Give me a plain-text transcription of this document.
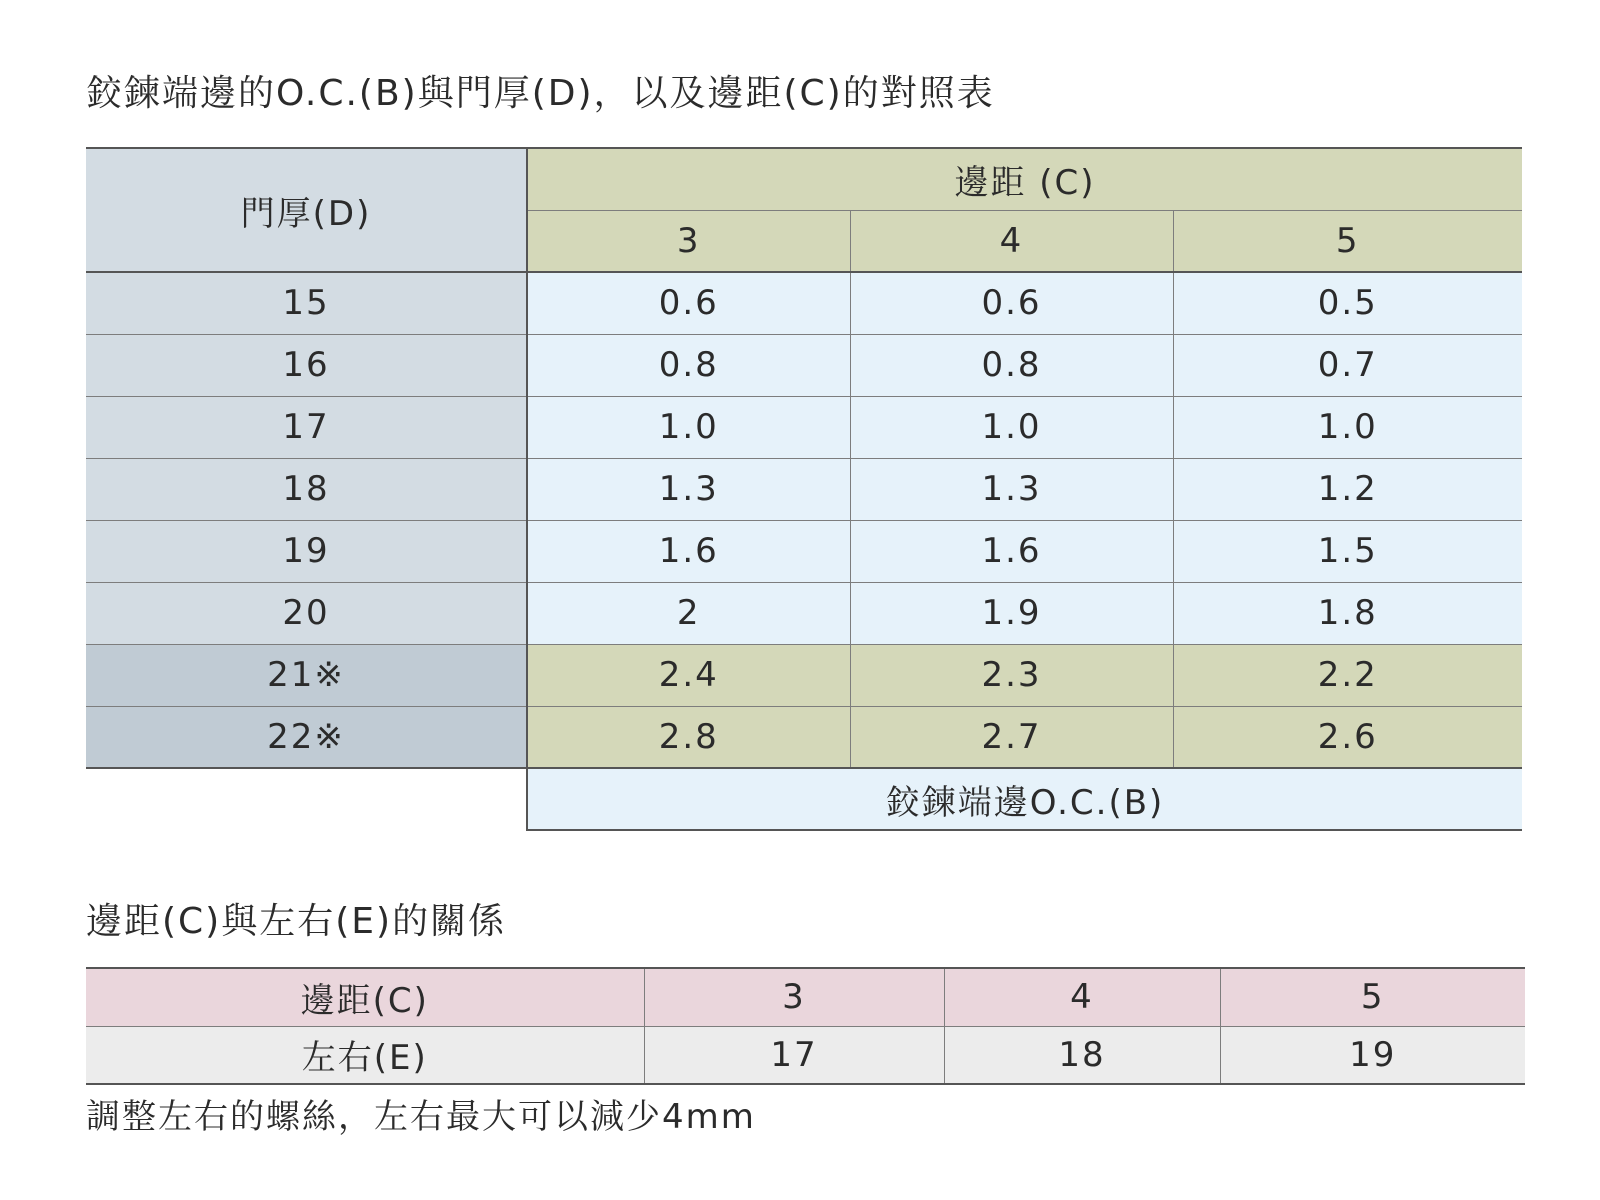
鉸鍊端邊的O.C.(B)與門厚(D)，以及邊距(C)的對照表
門厚(D)	邊距 (C)		
	3	4	5
15	0.6	0.6	0.5
16	0.8	0.8	0.7
17	1.0	1.0	1.0
18	1.3	1.3	1.2
19	1.6	1.6	1.5
20	2	1.9	1.8
21※	2.4	2.3	2.2
22※	2.8	2.7	2.6
	鉸鍊端邊O.C.(B)		
邊距(C)與左右(E)的關係
邊距(C)	3	4	5
左右(E)	17	18	19
調整左右的螺絲，左右最大可以減少4mm
